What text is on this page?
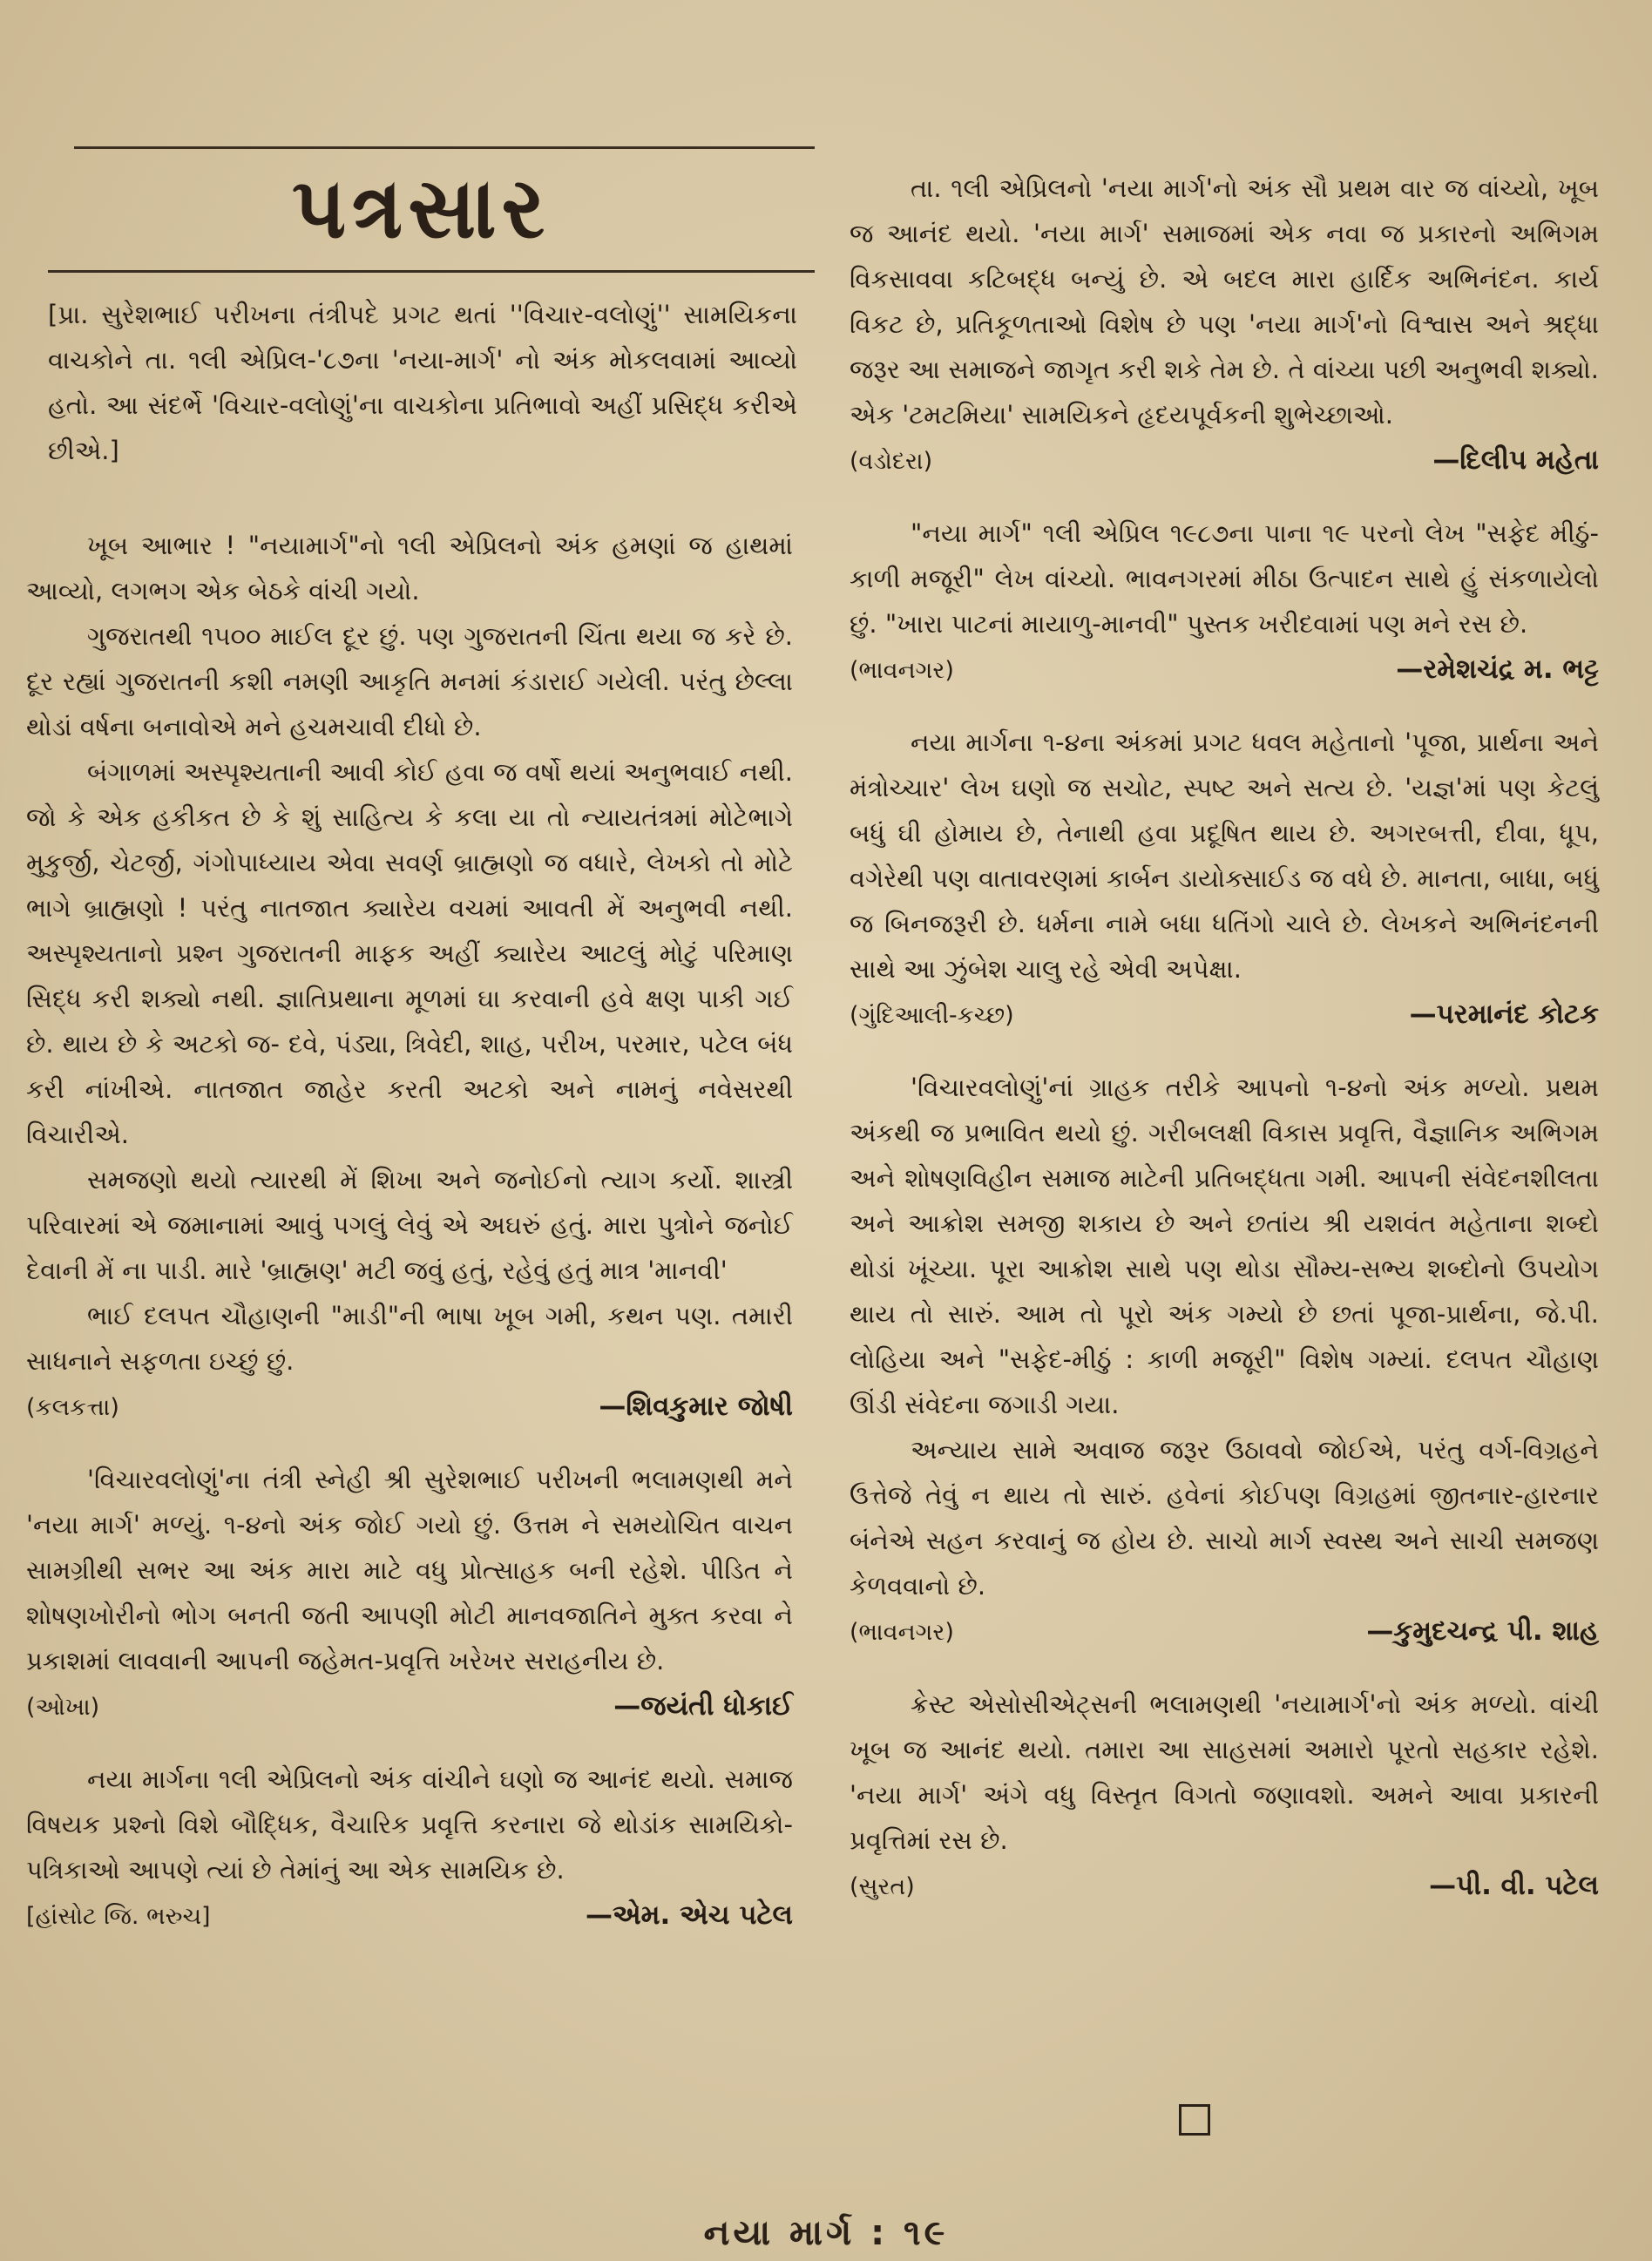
પત્રસાર
[પ્રા. સુરેશભાઈ પરીખના તંત્રીપદે પ્રગટ થતાં ''વિચાર-વલોણું'' સામયિકના વાચકોને તા. ૧લી એપ્રિલ-'૮૭ના 'નયા-માર્ગ' નો અંક મોકલવામાં આવ્યો હતો. આ સંદર્ભે 'વિચાર-વલોણું'ના વાચકોના પ્રતિભાવો અહીં પ્રસિદ્ધ કરીએ છીએ.]

ખૂબ આભાર ! "નયામાર્ગ"નો ૧લી એપ્રિલનો અંક હમણાં જ હાથમાં આવ્યો, લગભગ એક બેઠકે વાંચી ગયો.

ગુજરાતથી ૧૫૦૦ માઈલ દૂર છું. પણ ગુજરાતની ચિંતા થયા જ કરે છે. દૂર રહ્યાં ગુજરાતની કશી નમણી આકૃતિ મનમાં કંડારાઈ ગયેલી. પરંતુ છેલ્લા થોડાં વર્ષના બનાવોએ મને હચમચાવી દીધો છે.

બંગાળમાં અસ્પૃશ્યતાની આવી કોઈ હવા જ વર્ષો થયાં અનુભવાઈ નથી. જો કે એક હકીકત છે કે શું સાહિત્ય કે કલા યા તો ન્યાયતંત્રમાં મોટેભાગે મુકુર્જી, ચેટર્જી, ગંગોપાધ્યાય એવા સવર્ણ બ્રાહ્મણો જ વધારે, લેખકો તો મોટે ભાગે બ્રાહ્મણો ! પરંતુ નાતજાત ક્યારેય વચમાં આવતી મેં અનુભવી નથી. અસ્પૃશ્યતાનો પ્રશ્ન ગુજરાતની માફક અહીં ક્યારેય આટલું મોટું પરિમાણ સિદ્ધ કરી શક્યો નથી. જ્ઞાતિપ્રથાના મૂળમાં ઘા કરવાની હવે ક્ષણ પાકી ગઈ છે. થાય છે કે અટકો જ- દવે, પંડ્યા, ત્રિવેદી, શાહ, પરીખ, પરમાર, પટેલ બંધ કરી નાંખીએ. નાતજાત જાહેર કરતી અટકો અને નામનું નવેસરથી વિચારીએ.

સમજણો થયો ત્યારથી મેં શિખા અને જનોઈનો ત્યાગ કર્યો. શાસ્ત્રી પરિવારમાં એ જમાનામાં આવું પગલું લેવું એ અઘરું હતું. મારા પુત્રોને જનોઈ દેવાની મેં ના પાડી. મારે 'બ્રાહ્મણ' મટી જવું હતું, રહેવું હતું માત્ર 'માનવી'

ભાઈ દલપત ચૌહાણની "માડી"ની ભાષા ખૂબ ગમી, કથન પણ. તમારી સાધનાને સફળતા ઇચ્છું છું.

(કલકત્તા)	—શિવકુમાર જોષી

'વિચારવલોણું'ના તંત્રી સ્નેહી શ્રી સુરેશભાઈ પરીખની ભલામણથી મને 'નયા માર્ગ' મળ્યું. ૧-૪નો અંક જોઈ ગયો છું. ઉત્તમ ને સમયોચિત વાચન સામગ્રીથી સભર આ અંક મારા માટે વધુ પ્રોત્સાહક બની રહેશે. પીડિત ને શોષણખોરીનો ભોગ બનતી જતી આપણી મોટી માનવજાતિને મુક્ત કરવા ને પ્રકાશમાં લાવવાની આપની જહેમત-પ્રવૃત્તિ ખરેખર સરાહનીય છે.

(ઓખા)	—જયંતી ધોકાઈ

નયા માર્ગના ૧લી એપ્રિલનો અંક વાંચીને ઘણો જ આનંદ થયો. સમાજ વિષયક પ્રશ્નો વિશે બૌદ્ધિક, વૈચારિક પ્રવૃત્તિ કરનારા જે થોડાંક સામયિકો-પત્રિકાઓ આપણે ત્યાં છે તેમાંનું આ એક સામયિક છે.

[હાંસોટ જિ. ભરુચ]	—એમ. એચ પટેલ

તા. ૧લી એપ્રિલનો 'નયા માર્ગ'નો અંક સૌ પ્રથમ વાર જ વાંચ્યો, ખૂબ જ આનંદ થયો. 'નયા માર્ગ' સમાજમાં એક નવા જ પ્રકારનો અભિગમ વિકસાવવા કટિબદ્ધ બન્યું છે. એ બદલ મારા હાર્દિક અભિનંદન. કાર્ય વિકટ છે, પ્રતિકૂળતાઓ વિશેષ છે પણ 'નયા માર્ગ'નો વિશ્વાસ અને શ્રદ્ધા જરૂર આ સમાજને જાગૃત કરી શકે તેમ છે. તે વાંચ્યા પછી અનુભવી શક્યો. એક 'ટમટમિયા' સામયિકને હૃદયપૂર્વકની શુભેચ્છાઓ.

(વડોદરા)	—દિલીપ મહેતા

"નયા માર્ગ" ૧લી એપ્રિલ ૧૯૮૭ના પાના ૧૯ પરનો લેખ "સફેદ મીઠું-કાળી મજૂરી" લેખ વાંચ્યો. ભાવનગરમાં મીઠા ઉત્પાદન સાથે હું સંકળાયેલો છું. "ખારા પાટનાં માયાળુ-માનવી" પુસ્તક ખરીદવામાં પણ મને રસ છે.

(ભાવનગર)	—રમેશચંદ્ર મ. ભટ્ટ

નયા માર્ગના ૧-૪ના અંકમાં પ્રગટ ધવલ મહેતાનો 'પૂજા, પ્રાર્થના અને મંત્રોચ્ચાર' લેખ ઘણો જ સચોટ, સ્પષ્ટ અને સત્ય છે. 'યજ્ઞ'માં પણ કેટલું બધું ઘી હોમાય છે, તેનાથી હવા પ્રદૂષિત થાય છે. અગરબત્તી, દીવા, ધૂપ, વગેરેથી પણ વાતાવરણમાં કાર્બન ડાયોક્સાઈડ જ વધે છે. માનતા, બાધા, બધું જ બિનજરૂરી છે. ધર્મના નામે બધા ધતિંગો ચાલે છે. લેખકને અભિનંદનની સાથે આ ઝુંબેશ ચાલુ રહે એવી અપેક્ષા.

(ગુંદિઆલી-કચ્છ)	—પરમાનંદ કોટક

'વિચારવલોણું'નાં ગ્રાહક તરીકે આપનો ૧-૪નો અંક મળ્યો. પ્રથમ અંકથી જ પ્રભાવિત થયો છું. ગરીબલક્ષી વિકાસ પ્રવૃત્તિ, વૈજ્ઞાનિક અભિગમ અને શોષણવિહીન સમાજ માટેની પ્રતિબદ્ધતા ગમી. આપની સંવેદનશીલતા અને આક્રોશ સમજી શકાય છે અને છતાંય શ્રી યશવંત મહેતાના શબ્દો થોડાં ખૂંચ્યા. પૂરા આક્રોશ સાથે પણ થોડા સૌમ્ય-સભ્ય શબ્દોનો ઉપયોગ થાય તો સારું. આમ તો પૂરો અંક ગમ્યો છે છતાં પૂજા-પ્રાર્થના, જે.પી. લોહિયા અને "સફેદ-મીઠું : કાળી મજૂરી" વિશેષ ગમ્યાં. દલપત ચૌહાણ ઊંડી સંવેદના જગાડી ગયા.

અન્યાય સામે અવાજ જરૂર ઉઠાવવો જોઈએ, પરંતુ વર્ગ-વિગ્રહને ઉત્તેજે તેવું ન થાય તો સારું. હવેનાં કોઈપણ વિગ્રહમાં જીતનાર-હારનાર બંનેએ સહન કરવાનું જ હોય છે. સાચો માર્ગ સ્વસ્થ અને સાચી સમજણ કેળવવાનો છે.

(ભાવનગર)	—કુમુદચન્દ્ર પી. શાહ

ક્રેસ્ટ એસોસીએટ્સની ભલામણથી 'નયામાર્ગ'નો અંક મળ્યો. વાંચી ખૂબ જ આનંદ થયો. તમારા આ સાહસમાં અમારો પૂરતો સહકાર રહેશે. 'નયા માર્ગ' અંગે વધુ વિસ્તૃત વિગતો જણાવશો. અમને આવા પ્રકારની પ્રવૃત્તિમાં રસ છે.

(સુરત)	—પી. વી. પટેલ
નયા માર્ગ : ૧૯
